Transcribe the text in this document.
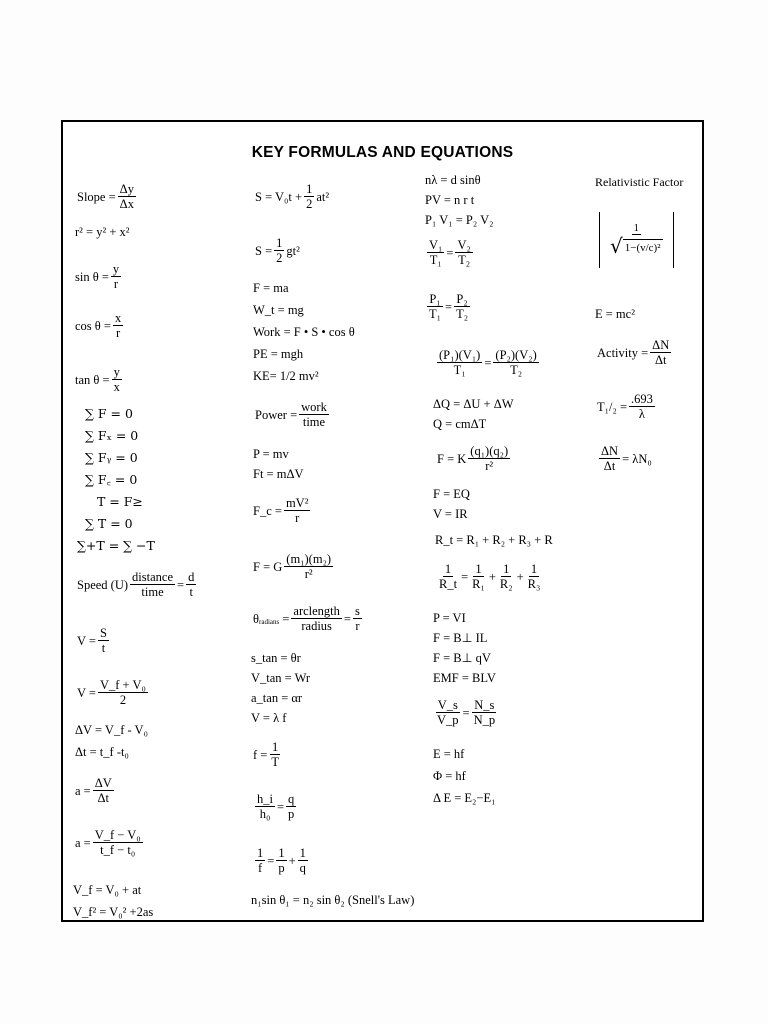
KEY FORMULAS AND EQUATIONS
Slope = $\frac{\Delta y}{\Delta x}$
r² = y² + x²
$\sin \theta = \frac{y}{r}$
$\cos \theta = \frac{x}{r}$
$\tan \theta = \frac{y}{x}$
∑ F = 0
∑ Fₓ = 0
∑ Fᵧ = 0
∑ F꜀ = 0
T = F≥
∑ T = 0
∑+T = ∑ −T
Speed $(U) \frac{\text{distance}}{\text{time}} = \frac{d}{t}$
$V = \frac{S}{t}$
$V = \frac{\text{V\_f + V₀}}{2}$
ΔV = V_f - V₀
Δt = t_f -t₀
$a = \frac{\Delta V}{\Delta t}$
$a = \frac{\text{V\_f − V₀}}{\text{t\_f − t₀}}$
V_f = V₀ + at
V_f² = V₀² +2as
$S = V_0t + \frac{1}{2} at^2$
$S = \frac{1}{2} gt^2$
F = ma
W_t = mg
Work = F • S • cos θ
PE = mgh
KE= 1/2 mv²
Power = $\frac{\text{work}}{\text{time}}$
P = mv
Ft = mΔV
F_c = $\frac{\text{mV²}}{r}$
F = G $\frac{\text{(m₁)(m₂)}}{\text{r²}}$
θ radians = $\frac{\text{arclength}}{\text{radius}} = \frac{s}{r}$
s_tan = θr
V_tan = Wr
a_tan = αr
V = λ f
$f = \frac{1}{T}$
$\frac{h\_i}{\text{h₀}} = \frac{q}{p}$
$\frac{1}{f} = \frac{1}{p} + \frac{1}{q}$
n₁sin θ₁ = n₂ sin θ₂ (Snell's Law)
nλ = d sinθ
PV = n r t
P₁ V₁ = P₂ V₂
$\frac{\text{V₁}}{\text{T₁}} = \frac{\text{V₂}}{\text{T₂}}$
$\frac{\text{P₁}}{\text{T₁}} = \frac{\text{P₂}}{\text{T₂}}$
$\frac{\text{(P₁)(V₁)}}{\text{T₁}} = \frac{\text{(P₂)(V₂)}}{\text{T₂}}$
ΔQ = ΔU + ΔW
Q = cmΔT
F = K $\frac{\text{(q₁)(q₂)}}{\text{r²}}$
F = EQ
V = IR
R_t = R₁ + R₂ + R₃ + R
$\frac{1}{R\_t} = \frac{1}{\text{R₁}} + \frac{1}{\text{R₂}} + \frac{1}{\text{R₃}}$
P = VI
F = B⊥ IL
F = B⊥ qV
EMF = BLV
$\frac{V\_s}{V\_p} = \frac{N\_s}{N\_p}$
E = hf
Φ = hf
Δ E = E₂−E₁
Relativistic Factor
$\frac{1}{\text{√ 1−(v/c)²}}$
E = mc²
Activity = $\frac{\Delta N}{\Delta t}$
$T_1/_2 = \frac{.693}{\lambda}$
$\frac{\Delta N}{\Delta t} = \lambda N_0$
